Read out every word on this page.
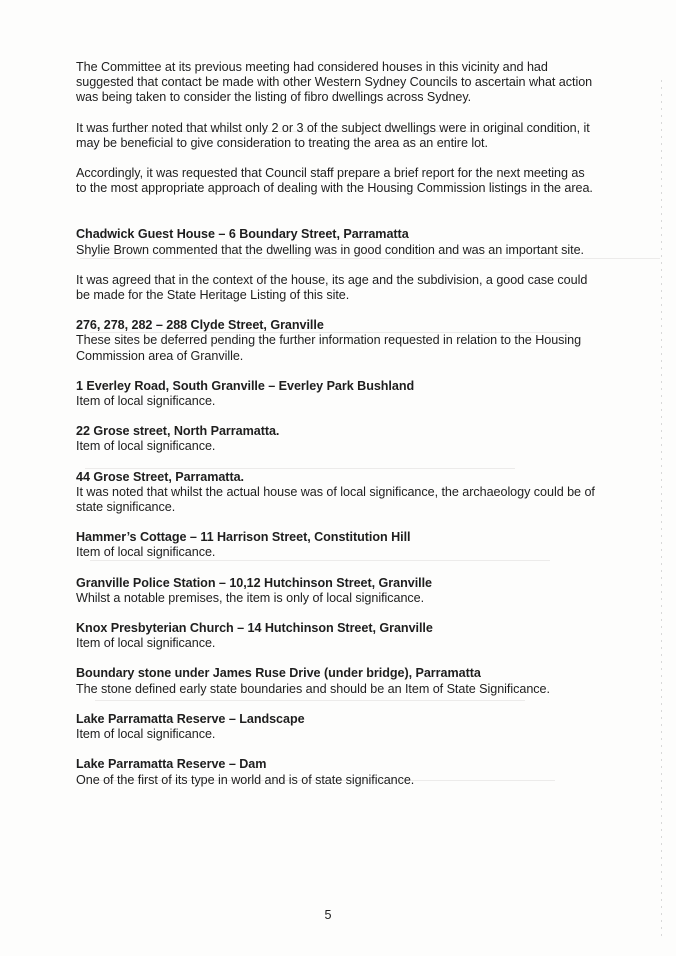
The Committee at its previous meeting had considered houses in this vicinity and had suggested that contact be made with other Western Sydney Councils to ascertain what action was being taken to consider the listing of fibro dwellings across Sydney.

It was further noted that whilst only 2 or 3 of the subject dwellings were in original condition, it may be beneficial to give consideration to treating the area as an entire lot.

Accordingly, it was requested that Council staff prepare a brief report for the next meeting as to the most appropriate approach of dealing with the Housing Commission listings in the area.

Chadwick Guest House – 6 Boundary Street, Parramatta

Shylie Brown commented that the dwelling was in good condition and was an important site.

It was agreed that in the context of the house, its age and the subdivision, a good case could be made for the State Heritage Listing of this site.

276, 278, 282 – 288 Clyde Street, Granville

These sites be deferred pending the further information requested in relation to the Housing Commission area of Granville.

1 Everley Road, South Granville – Everley Park Bushland

Item of local significance.

22 Grose street, North Parramatta.

Item of local significance.

44 Grose Street, Parramatta.

It was noted that whilst the actual house was of local significance, the archaeology could be of state significance.

Hammer’s Cottage – 11 Harrison Street, Constitution Hill

Item of local significance.

Granville Police Station – 10,12 Hutchinson Street, Granville

Whilst a notable premises, the item is only of local significance.

Knox Presbyterian Church – 14 Hutchinson Street, Granville

Item of local significance.

Boundary stone under James Ruse Drive (under bridge), Parramatta

The stone defined early state boundaries and should be an Item of State Significance.

Lake Parramatta Reserve – Landscape

Item of local significance.

Lake Parramatta Reserve – Dam

One of the first of its type in world and is of state significance.

5
